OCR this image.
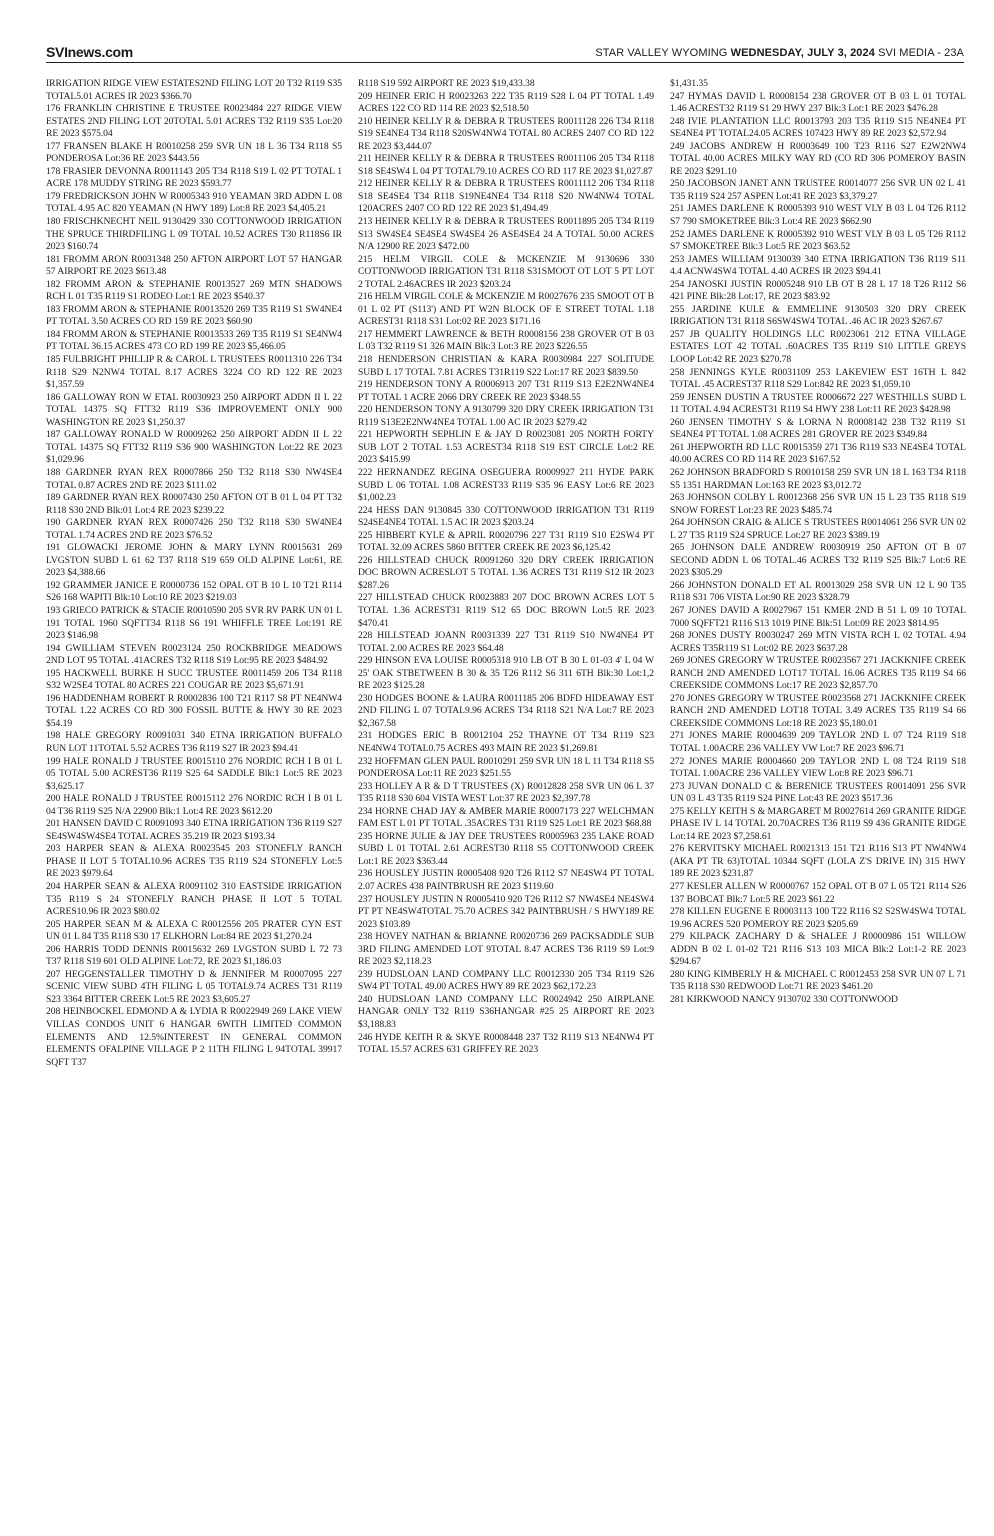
SVInews.com	STAR VALLEY WYOMING WEDNESDAY, JULY 3, 2024 SVI MEDIA - 23A

IRRIGATION RIDGE VIEW ESTATES2ND FILING LOT 20 T32 R119 S35 TOTAL5.01 ACRES IR 2023 $366.70

176 FRANKLIN CHRISTINE E TRUSTEE R0023484 227 RIDGE VIEW ESTATES 2ND FILING LOT 20TOTAL 5.01 ACRES T32 R119 S35 Lot:20 RE 2023 $575.04

177 FRANSEN BLAKE H R0010258 259 SVR UN 18 L 36 T34 R118 S5 PONDEROSA Lot:36 RE 2023 $443.56

178 FRASIER DEVONNA R0011143 205 T34 R118 S19 L 02 PT TOTAL 1 ACRE 178 MUDDY STRING RE 2023 $593.77

179 FREDRICKSON JOHN W R0005343 910 YEAMAN 3RD ADDN L 08 TOTAL 4.95 AC 820 YEAMAN (N HWY 189) Lot:8 RE 2023 $4,405.21

180 FRISCHKNECHT NEIL 9130429 330 COTTONWOOD IRRIGATION THE SPRUCE THIRDFILING L 09 TOTAL 10.52 ACRES T30 R118S6 IR 2023 $160.74

181 FROMM ARON R0031348 250 AFTON AIRPORT LOT 57 HANGAR 57 AIRPORT RE 2023 $613.48

182 FROMM ARON & STEPHANIE R0013527 269 MTN SHADOWS RCH L 01 T35 R119 S1 RODEO Lot:1 RE 2023 $540.37

183 FROMM ARON & STEPHANIE R0013520 269 T35 R119 S1 SW4NE4 PT TOTAL 3.50 ACRES CO RD 159 RE 2023 $60.90

184 FROMM ARON & STEPHANIE R0013533 269 T35 R119 S1 SE4NW4 PT TOTAL 36.15 ACRES 473 CO RD 199 RE 2023 $5,466.05

185 FULBRIGHT PHILLIP R & CAROL L TRUSTEES R0011310 226 T34 R118 S29 N2NW4 TOTAL 8.17 ACRES 3224 CO RD 122 RE 2023 $1,357.59

186 GALLOWAY RON W ETAL R0030923 250 AIRPORT ADDN II L 22 TOTAL 14375 SQ FTT32 R119 S36 IMPROVEMENT ONLY 900 WASHINGTON RE 2023 $1,250.37

187 GALLOWAY RONALD W R0009262 250 AIRPORT ADDN II L 22 TOTAL 14375 SQ FTT32 R119 S36 900 WASHINGTON Lot:22 RE 2023 $1,029.96

188 GARDNER RYAN REX R0007866 250 T32 R118 S30 NW4SE4 TOTAL 0.87 ACRES 2ND RE 2023 $111.02

189 GARDNER RYAN REX R0007430 250 AFTON OT B 01 L 04 PT T32 R118 S30 2ND Blk:01 Lot:4 RE 2023 $239.22

190 GARDNER RYAN REX R0007426 250 T32 R118 S30 SW4NE4 TOTAL 1.74 ACRES 2ND RE 2023 $76.52

191 GLOWACKI JEROME JOHN & MARY LYNN R0015631 269 LVGSTON SUBD L 61 62 T37 R118 S19 659 OLD ALPINE Lot:61, RE 2023 $4,388.66

192 GRAMMER JANICE E R0000736 152 OPAL OT B 10 L 10 T21 R114 S26 168 WAPITI Blk:10 Lot:10 RE 2023 $219.03

193 GRIECO PATRICK & STACIE R0010590 205 SVR RV PARK UN 01 L 191 TOTAL 1960 SQFTT34 R118 S6 191 WHIFFLE TREE Lot:191 RE 2023 $146.98

194 GWILLIAM STEVEN R0023124 250 ROCKBRIDGE MEADOWS 2ND LOT 95 TOTAL .41ACRES T32 R118 S19 Lot:95 RE 2023 $484.92

195 HACKWELL BURKE H SUCC TRUSTEE R0011459 206 T34 R118 S32 W2SE4 TOTAL 80 ACRES 221 COUGAR RE 2023 $5,671.91

196 HADDENHAM ROBERT R R0002836 100 T21 R117 S8 PT NE4NW4 TOTAL 1.22 ACRES CO RD 300 FOSSIL BUTTE & HWY 30 RE 2023 $54.19

198 HALE GREGORY R0091031 340 ETNA IRRIGATION BUFFALO RUN LOT 11TOTAL 5.52 ACRES T36 R119 S27 IR 2023 $94.41

199 HALE RONALD J TRUSTEE R0015110 276 NORDIC RCH I B 01 L 05 TOTAL 5.00 ACREST36 R119 S25 64 SADDLE Blk:1 Lot:5 RE 2023 $3,625.17

200 HALE RONALD J TRUSTEE R0015112 276 NORDIC RCH I B 01 L 04 T36 R119 S25 N/A 22900 Blk:1 Lot:4 RE 2023 $612.20

201 HANSEN DAVID C R0091093 340 ETNA IRRIGATION T36 R119 S27 SE4SW4SW4SE4 TOTAL ACRES 35.219 IR 2023 $193.34

203 HARPER SEAN & ALEXA R0023545 203 STONEFLY RANCH PHASE II LOT 5 TOTAL10.96 ACRES T35 R119 S24 STONEFLY Lot:5 RE 2023 $979.64

204 HARPER SEAN & ALEXA R0091102 310 EASTSIDE IRRIGATION T35 R119 S 24 STONEFLY RANCH PHASE II LOT 5 TOTAL ACRES10.96 IR 2023 $80.02

205 HARPER SEAN M & ALEXA C R0012556 205 PRATER CYN EST UN 01 L 84 T35 R118 S30 17 ELKHORN Lot:84 RE 2023 $1,270.24

206 HARRIS TODD DENNIS R0015632 269 LVGSTON SUBD L 72 73 T37 R118 S19 601 OLD ALPINE Lot:72, RE 2023 $1,186.03

207 HEGGENSTALLER TIMOTHY D & JENNIFER M R0007095 227 SCENIC VIEW SUBD 4TH FILING L 05 TOTAL9.74 ACRES T31 R119 S23 3364 BITTER CREEK Lot:5 RE 2023 $3,605.27

208 HEINBOCKEL EDMOND A & LYDIA R R0022949 269 LAKE VIEW VILLAS CONDOS UNIT 6 HANGAR 6WITH LIMITED COMMON ELEMENTS AND 12.5%INTEREST IN GENERAL COMMON ELEMENTS OFALPINE VILLAGE P 2 11TH FILING L 94TOTAL 39917 SQFT T37

R118 S19 592 AIRPORT RE 2023 $19,433.38

209 HEINER ERIC H R0023263 222 T35 R119 S28 L 04 PT TOTAL 1.49 ACRES 122 CO RD 114 RE 2023 $2,518.50

210 HEINER KELLY R & DEBRA R TRUSTEES R0011128 226 T34 R118 S19 SE4NE4 T34 R118 S20SW4NW4 TOTAL 80 ACRES 2407 CO RD 122 RE 2023 $3,444.07

211 HEINER KELLY R & DEBRA R TRUSTEES R0011106 205 T34 R118 S18 SE4SW4 L 04 PT TOTAL79.10 ACRES CO RD 117 RE 2023 $1,027.87

212 HEINER KELLY R & DEBRA R TRUSTEES R0011112 206 T34 R118 S18 SE4SE4 T34 R118 S19NE4NE4 T34 R118 S20 NW4NW4 TOTAL 120ACRES 2407 CO RD 122 RE 2023 $1,494.49

213 HEINER KELLY R & DEBRA R TRUSTEES R0011895 205 T34 R119 S13 SW4SE4 SE4SE4 SW4SE4 26 ASE4SE4 24 A TOTAL 50.00 ACRES N/A 12900 RE 2023 $472.00

215 HELM VIRGIL COLE & MCKENZIE M 9130696 330 COTTONWOOD IRRIGATION T31 R118 S31SMOOT OT LOT 5 PT LOT 2 TOTAL 2.46ACRES IR 2023 $203.24

216 HELM VIRGIL COLE & MCKENZIE M R0027676 235 SMOOT OT B 01 L 02 PT (S113') AND PT W2N BLOCK OF E STREET TOTAL 1.18 ACREST31 R118 S31 Lot:02 RE 2023 $171.16

217 HEMMERT LAWRENCE & BETH R0008156 238 GROVER OT B 03 L 03 T32 R119 S1 326 MAIN Blk:3 Lot:3 RE 2023 $226.55

218 HENDERSON CHRISTIAN & KARA R0030984 227 SOLITUDE SUBD L 17 TOTAL 7.81 ACRES T31R119 S22 Lot:17 RE 2023 $839.50

219 HENDERSON TONY A R0006913 207 T31 R119 S13 E2E2NW4NE4 PT TOTAL 1 ACRE 2066 DRY CREEK RE 2023 $348.55

220 HENDERSON TONY A 9130799 320 DRY CREEK IRRIGATION T31 R119 S13E2E2NW4NE4 TOTAL 1.00 AC IR 2023 $279.42

221 HEPWORTH SEPHLIN E & JAY D R0023081 205 NORTH FORTY SUB LOT 2 TOTAL 1.53 ACREST34 R118 S19 EST CIRCLE Lot:2 RE 2023 $415.99

222 HERNANDEZ REGINA OSEGUERA R0009927 211 HYDE PARK SUBD L 06 TOTAL 1.08 ACREST33 R119 S35 96 EASY Lot:6 RE 2023 $1,002.23

224 HESS DAN 9130845 330 COTTONWOOD IRRIGATION T31 R119 S24SE4NE4 TOTAL 1.5 AC IR 2023 $203.24

225 HIBBERT KYLE & APRIL R0020796 227 T31 R119 S10 E2SW4 PT TOTAL 32.09 ACRES 5860 BITTER CREEK RE 2023 $6,125.42

226 HILLSTEAD CHUCK R0091260 320 DRY CREEK IRRIGATION DOC BROWN ACRESLOT 5 TOTAL 1.36 ACRES T31 R119 S12 IR 2023 $287.26

227 HILLSTEAD CHUCK R0023883 207 DOC BROWN ACRES LOT 5 TOTAL 1.36 ACREST31 R119 S12 65 DOC BROWN Lot:5 RE 2023 $470.41

228 HILLSTEAD JOANN R0031339 227 T31 R119 S10 NW4NE4 PT TOTAL 2.00 ACRES RE 2023 $64.48

229 HINSON EVA LOUISE R0005318 910 LB OT B 30 L 01-03 4' L 04 W 25' OAK STBETWEEN B 30 & 35 T26 R112 S6 311 6TH Blk:30 Lot:1,2 RE 2023 $125.28

230 HODGES BOONE & LAURA R0011185 206 BDFD HIDEAWAY EST 2ND FILING L 07 TOTAL9.96 ACRES T34 R118 S21 N/A Lot:7 RE 2023 $2,367.58

231 HODGES ERIC B R0012104 252 THAYNE OT T34 R119 S23 NE4NW4 TOTAL0.75 ACRES 493 MAIN RE 2023 $1,269.81

232 HOFFMAN GLEN PAUL R0010291 259 SVR UN 18 L 11 T34 R118 S5 PONDEROSA Lot:11 RE 2023 $251.55

233 HOLLEY A R & D T TRUSTEES (X) R0012828 258 SVR UN 06 L 37 T35 R118 S30 604 VISTA WEST Lot:37 RE 2023 $2,397.78

234 HORNE CHAD JAY & AMBER MARIE R0007173 227 WELCHMAN FAM EST L 01 PT TOTAL .35ACRES T31 R119 S25 Lot:1 RE 2023 $68.88

235 HORNE JULIE & JAY DEE TRUSTEES R0005963 235 LAKE ROAD SUBD L 01 TOTAL 2.61 ACREST30 R118 S5 COTTONWOOD CREEK Lot:1 RE 2023 $363.44

236 HOUSLEY JUSTIN R0005408 920 T26 R112 S7 NE4SW4 PT TOTAL 2.07 ACRES 438 PAINTBRUSH RE 2023 $119.60

237 HOUSLEY JUSTIN N R0005410 920 T26 R112 S7 NW4SE4 NE4SW4 PT PT NE4SW4TOTAL 75.70 ACRES 342 PAINTBRUSH / S HWY189 RE 2023 $103.89

238 HOVEY NATHAN & BRIANNE R0020736 269 PACKSADDLE SUB 3RD FILING AMENDED LOT 9TOTAL 8.47 ACRES T36 R119 S9 Lot:9 RE 2023 $2,118.23

239 HUDSLOAN LAND COMPANY LLC R0012330 205 T34 R119 S26 SW4 PT TOTAL 49.00 ACRES HWY 89 RE 2023 $62,172.23

240 HUDSLOAN LAND COMPANY LLC R0024942 250 AIRPLANE HANGAR ONLY T32 R119 S36HANGAR #25 25 AIRPORT RE 2023 $3,188.83

246 HYDE KEITH R & SKYE R0008448 237 T32 R119 S13 NE4NW4 PT TOTAL 15.57 ACRES 631 GRIFFEY RE 2023

$1,431.35

247 HYMAS DAVID L R0008154 238 GROVER OT B 03 L 01 TOTAL 1.46 ACREST32 R119 S1 29 HWY 237 Blk:3 Lot:1 RE 2023 $476.28

248 IVIE PLANTATION LLC R0013793 203 T35 R119 S15 NE4NE4 PT SE4NE4 PT TOTAL24.05 ACRES 107423 HWY 89 RE 2023 $2,572.94

249 JACOBS ANDREW H R0003649 100 T23 R116 S27 E2W2NW4 TOTAL 40.00 ACRES MILKY WAY RD (CO RD 306 POMEROY BASIN RE 2023 $291.10

250 JACOBSON JANET ANN TRUSTEE R0014077 256 SVR UN 02 L 41 T35 R119 S24 257 ASPEN Lot:41 RE 2023 $3,379.27

251 JAMES DARLENE K R0005393 910 WEST VLY B 03 L 04 T26 R112 S7 790 SMOKETREE Blk:3 Lot:4 RE 2023 $662.90

252 JAMES DARLENE K R0005392 910 WEST VLY B 03 L 05 T26 R112 S7 SMOKETREE Blk:3 Lot:5 RE 2023 $63.52

253 JAMES WILLIAM 9130039 340 ETNA IRRIGATION T36 R119 S11 4.4 ACNW4SW4 TOTAL 4.40 ACRES IR 2023 $94.41

254 JANOSKI JUSTIN R0005248 910 LB OT B 28 L 17 18 T26 R112 S6 421 PINE Blk:28 Lot:17, RE 2023 $83.92

255 JARDINE KULE & EMMELINE 9130503 320 DRY CREEK IRRIGATION T31 R118 S6SW4SW4 TOTAL .46 AC IR 2023 $267.67

257 JB QUALITY HOLDINGS LLC R0023061 212 ETNA VILLAGE ESTATES LOT 42 TOTAL .60ACRES T35 R119 S10 LITTLE GREYS LOOP Lot:42 RE 2023 $270.78

258 JENNINGS KYLE R0031109 253 LAKEVIEW EST 16TH L 842 TOTAL .45 ACREST37 R118 S29 Lot:842 RE 2023 $1,059.10

259 JENSEN DUSTIN A TRUSTEE R0006672 227 WESTHILLS SUBD L 11 TOTAL 4.94 ACREST31 R119 S4 HWY 238 Lot:11 RE 2023 $428.98

260 JENSEN TIMOTHY S & LORNA N R0008142 238 T32 R119 S1 SE4NE4 PT TOTAL 1.08 ACRES 281 GROVER RE 2023 $349.84

261 JHEPWORTH RD LLC R0015359 271 T36 R119 S33 NE4SE4 TOTAL 40.00 ACRES CO RD 114 RE 2023 $167.52

262 JOHNSON BRADFORD S R0010158 259 SVR UN 18 L 163 T34 R118 S5 1351 HARDMAN Lot:163 RE 2023 $3,012.72

263 JOHNSON COLBY L R0012368 256 SVR UN 15 L 23 T35 R118 S19 SNOW FOREST Lot:23 RE 2023 $485.74

264 JOHNSON CRAIG & ALICE S TRUSTEES R0014061 256 SVR UN 02 L 27 T35 R119 S24 SPRUCE Lot:27 RE 2023 $389.19

265 JOHNSON DALE ANDREW R0030919 250 AFTON OT B 07 SECOND ADDN L 06 TOTAL.46 ACRES T32 R119 S25 Blk:7 Lot:6 RE 2023 $305.29

266 JOHNSTON DONALD ET AL R0013029 258 SVR UN 12 L 90 T35 R118 S31 706 VISTA Lot:90 RE 2023 $328.79

267 JONES DAVID A R0027967 151 KMER 2ND B 51 L 09 10 TOTAL 7000 SQFFT21 R116 S13 1019 PINE Blk:51 Lot:09 RE 2023 $814.95

268 JONES DUSTY R0030247 269 MTN VISTA RCH L 02 TOTAL 4.94 ACRES T35R119 S1 Lot:02 RE 2023 $637.28

269 JONES GREGORY W TRUSTEE R0023567 271 JACKKNIFE CREEK RANCH 2ND AMENDED LOT17 TOTAL 16.06 ACRES T35 R119 S4 66 CREEKSIDE COMMONS Lot:17 RE 2023 $2,857.70

270 JONES GREGORY W TRUSTEE R0023568 271 JACKKNIFE CREEK RANCH 2ND AMENDED LOT18 TOTAL 3.49 ACRES T35 R119 S4 66 CREEKSIDE COMMONS Lot:18 RE 2023 $5,180.01

271 JONES MARIE R0004639 209 TAYLOR 2ND L 07 T24 R119 S18 TOTAL 1.00ACRE 236 VALLEY VW Lot:7 RE 2023 $96.71

272 JONES MARIE R0004660 209 TAYLOR 2ND L 08 T24 R119 S18 TOTAL 1.00ACRE 236 VALLEY VIEW Lot:8 RE 2023 $96.71

273 JUVAN DONALD C & BERENICE TRUSTEES R0014091 256 SVR UN 03 L 43 T35 R119 S24 PINE Lot:43 RE 2023 $517.36

275 KELLY KEITH S & MARGARET M R0027614 269 GRANITE RIDGE PHASE IV L 14 TOTAL 20.70ACRES T36 R119 S9 436 GRANITE RIDGE Lot:14 RE 2023 $7,258.61

276 KERVITSKY MICHAEL R0021313 151 T21 R116 S13 PT NW4NW4 (AKA PT TR 63)TOTAL 10344 SQFT (LOLA Z'S DRIVE IN) 315 HWY 189 RE 2023 $231.87

277 KESLER ALLEN W R0000767 152 OPAL OT B 07 L 05 T21 R114 S26 137 BOBCAT Blk:7 Lot:5 RE 2023 $61.22

278 KILLEN EUGENE E R0003113 100 T22 R116 S2 S2SW4SW4 TOTAL 19.96 ACRES 520 POMEROY RE 2023 $205.69

279 KILPACK ZACHARY D & SHALEE J R0000986 151 WILLOW ADDN B 02 L 01-02 T21 R116 S13 103 MICA Blk:2 Lot:1-2 RE 2023 $294.67

280 KING KIMBERLY H & MICHAEL C R0012453 258 SVR UN 07 L 71 T35 R118 S30 REDWOOD Lot:71 RE 2023 $461.20

281 KIRKWOOD NANCY 9130702 330 COTTONWOOD
